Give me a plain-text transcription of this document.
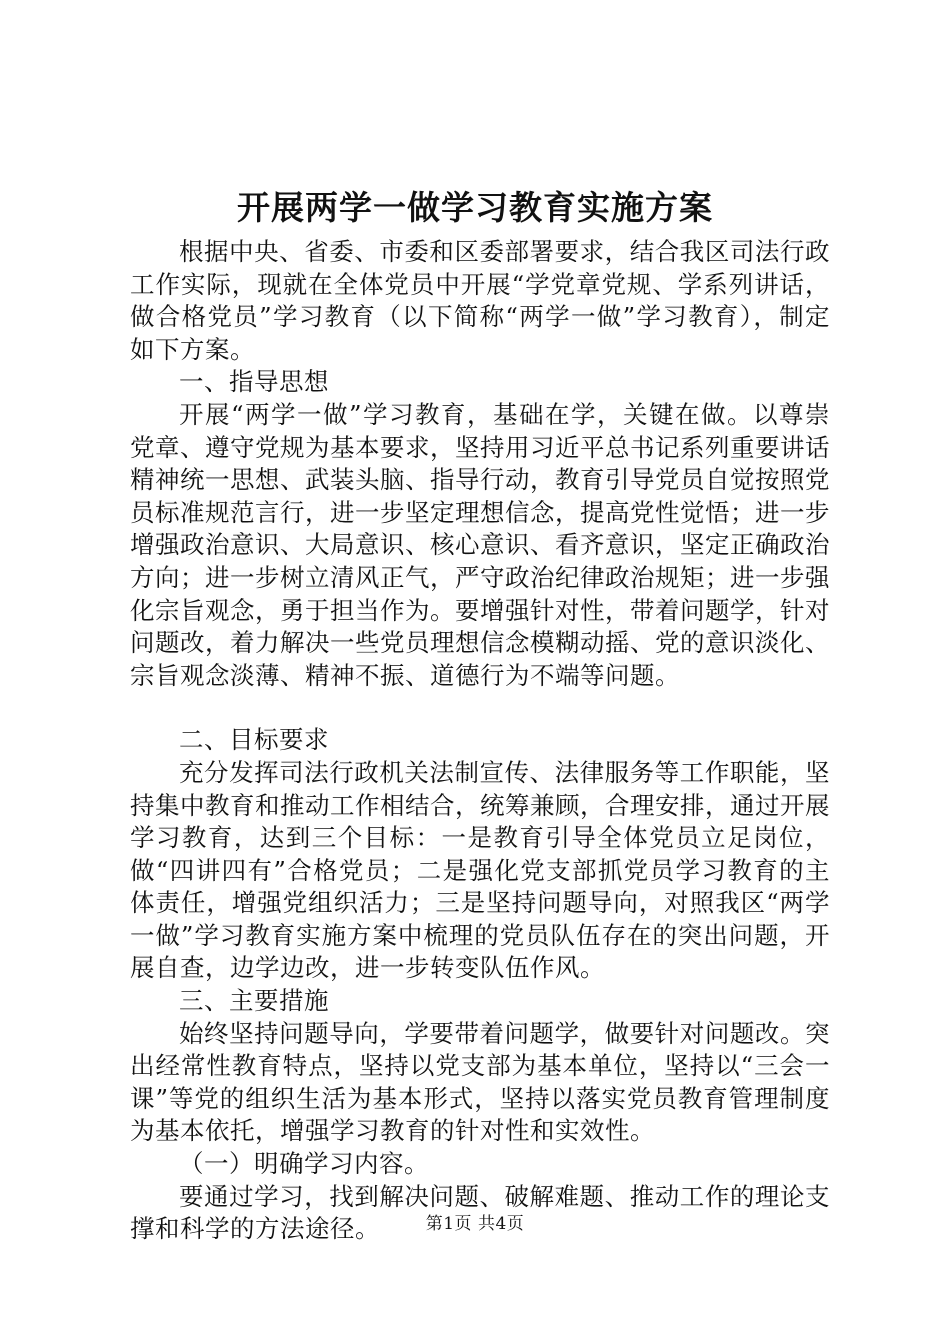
开展两学一做学习教育实施方案

根据中央、省委、市委和区委部署要求，结合我区司法行政工作实际，现就在全体党员中开展“学党章党规、学系列讲话，做合格党员”学习教育（以下简称“两学一做”学习教育），制定如下方案。

一、指导思想

开展“两学一做”学习教育，基础在学，关键在做。以尊崇党章、遵守党规为基本要求，坚持用习近平总书记系列重要讲话精神统一思想、武装头脑、指导行动，教育引导党员自觉按照党员标准规范言行，进一步坚定理想信念，提高党性觉悟；进一步增强政治意识、大局意识、核心意识、看齐意识，坚定正确政治方向；进一步树立清风正气，严守政治纪律政治规矩；进一步强化宗旨观念，勇于担当作为。要增强针对性，带着问题学，针对问题改，着力解决一些党员理想信念模糊动摇、党的意识淡化、宗旨观念淡薄、精神不振、道德行为不端等问题。

二、目标要求

充分发挥司法行政机关法制宣传、法律服务等工作职能，坚持集中教育和推动工作相结合，统筹兼顾，合理安排，通过开展学习教育，达到三个目标：一是教育引导全体党员立足岗位，做“四讲四有”合格党员；二是强化党支部抓党员学习教育的主体责任，增强党组织活力；三是坚持问题导向，对照我区“两学一做”学习教育实施方案中梳理的党员队伍存在的突出问题，开展自查，边学边改，进一步转变队伍作风。

三、主要措施

始终坚持问题导向，学要带着问题学，做要针对问题改。突出经常性教育特点，坚持以党支部为基本单位，坚持以“三会一课”等党的组织生活为基本形式，坚持以落实党员教育管理制度为基本依托，增强学习教育的针对性和实效性。

（一）明确学习内容。

要通过学习，找到解决问题、破解难题、推动工作的理论支撑和科学的方法途径。	第1页 共4页
